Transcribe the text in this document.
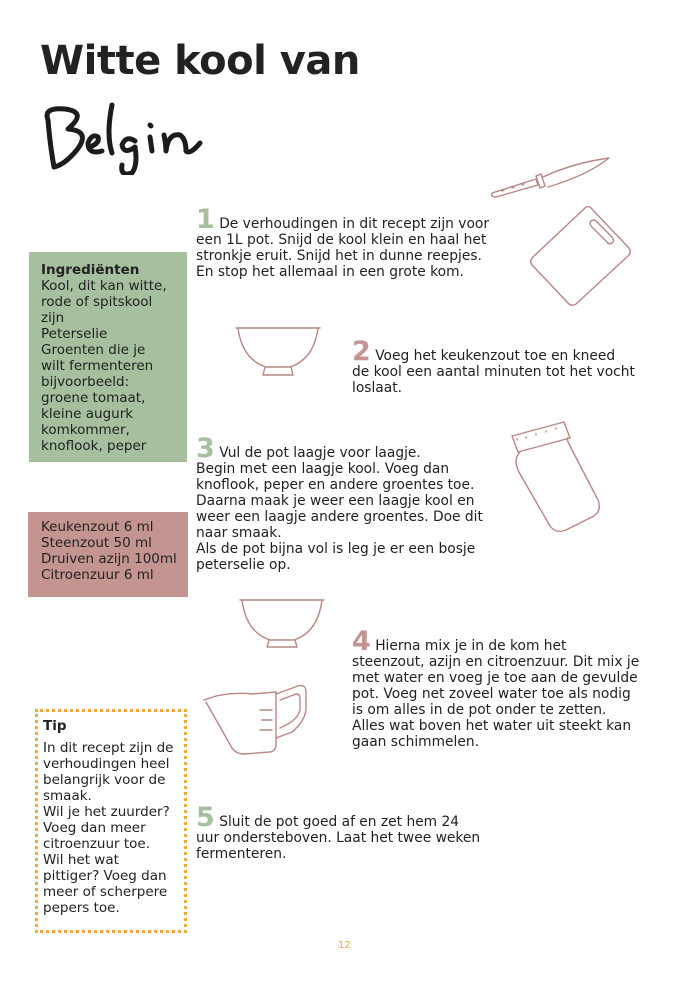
Witte kool van
Ingrediënten
Kool, dit kan witte,
rode of spitskool
zijn
Peterselie
Groenten die je
wilt fermenteren
bijvoorbeeld:
groene tomaat,
kleine augurk
komkommer,
knoflook, peper
Keukenzout 6 ml
Steenzout 50 ml
Druiven azijn 100ml
Citroenzuur 6 ml
Tip
In dit recept zijn de
verhoudingen heel
belangrijk voor de
smaak.
Wil je het zuurder?
Voeg dan meer
citroenzuur toe.
Wil het wat
pittiger? Voeg dan
meer of scherpere
pepers toe.
1 De verhoudingen in dit recept zijn voor
een 1L pot. Snijd de kool klein en haal het
stronkje eruit. Snijd het in dunne reepjes.
En stop het allemaal in een grote kom.
2 Voeg het keukenzout toe en kneed
de kool een aantal minuten tot het vocht
loslaat.
3 Vul de pot laagje voor laagje.
Begin met een laagje kool. Voeg dan
knoflook, peper en andere groentes toe.
Daarna maak je weer een laagje kool en
weer een laagje andere groentes. Doe dit
naar smaak.
Als de pot bijna vol is leg je er een bosje
peterselie op.
4 Hierna mix je in de kom het
steenzout, azijn en citroenzuur. Dit mix je
met water en voeg je toe aan de gevulde
pot. Voeg net zoveel water toe als nodig
is om alles in de pot onder te zetten.
Alles wat boven het water uit steekt kan
gaan schimmelen.
5 Sluit de pot goed af en zet hem 24
uur ondersteboven. Laat het twee weken
fermenteren.
12
